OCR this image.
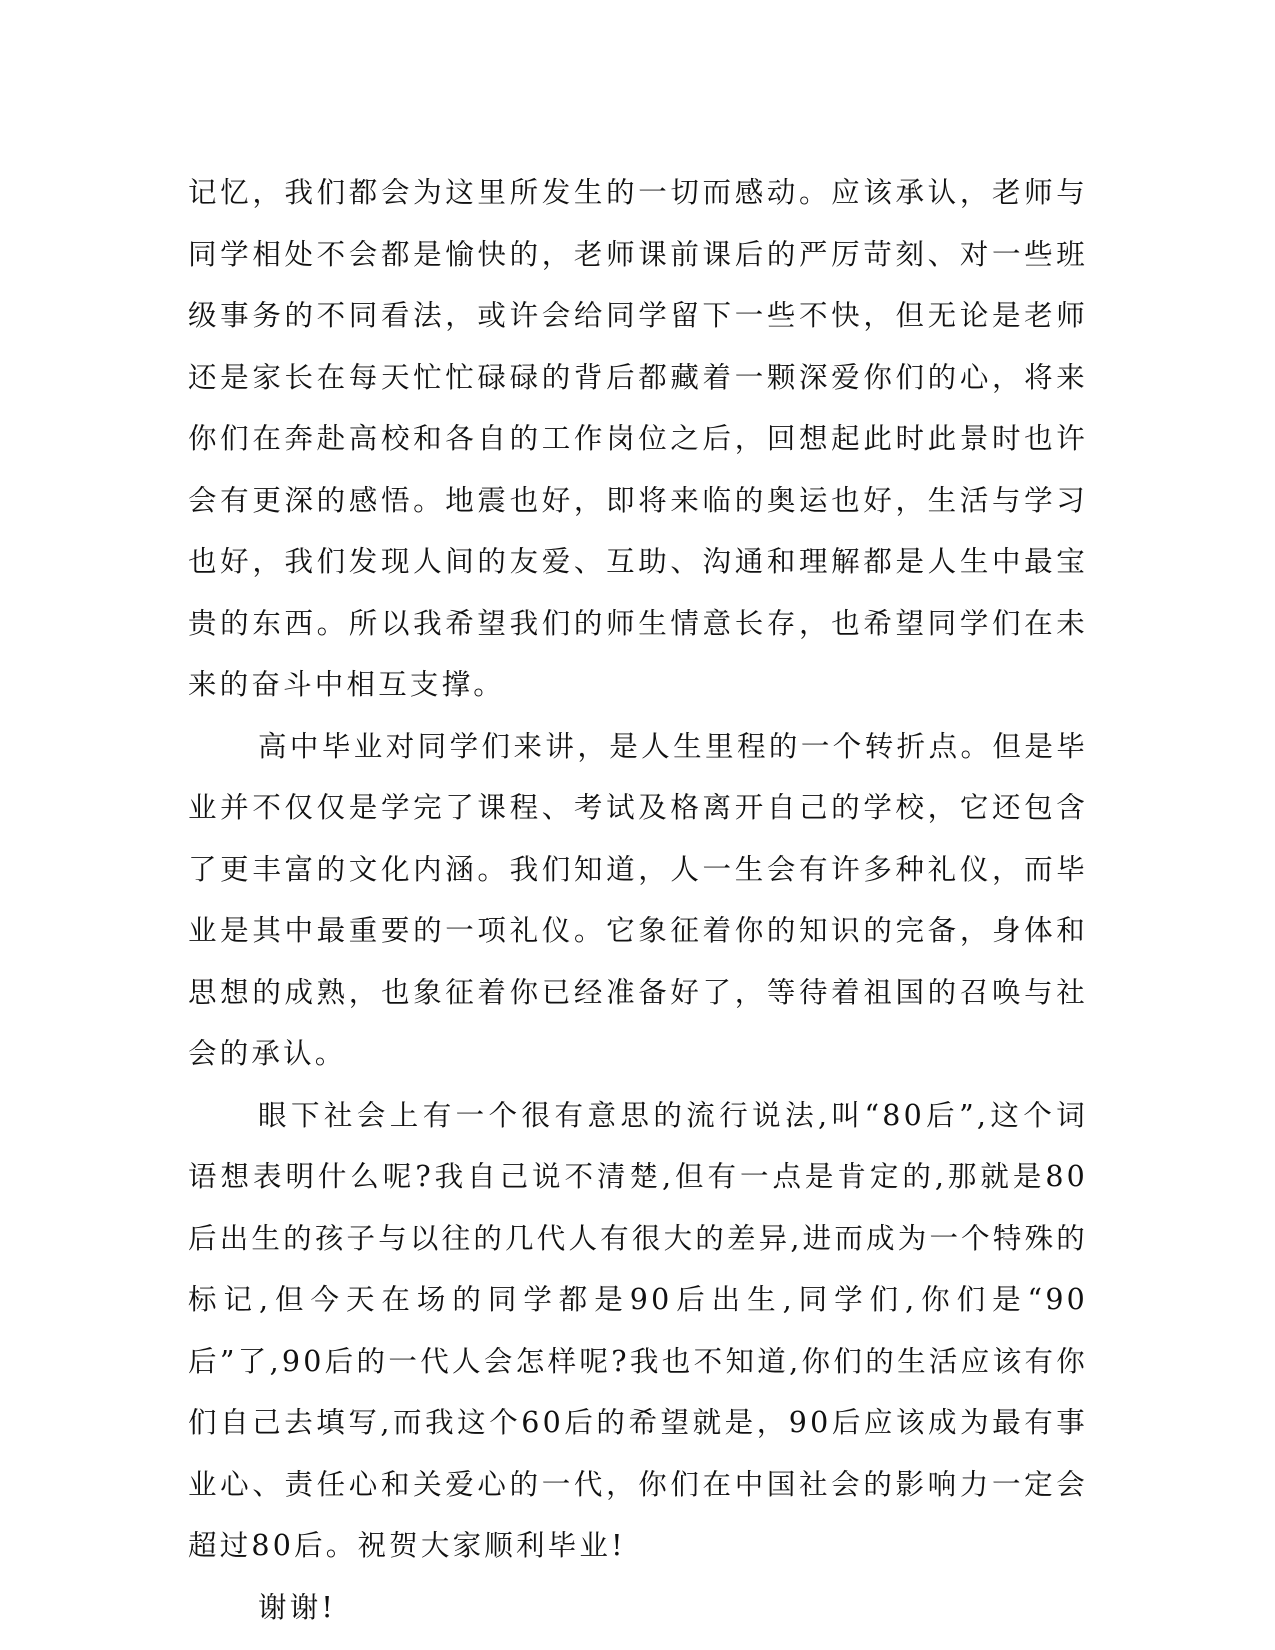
记忆，我们都会为这里所发生的一切而感动。应该承认，老师与同学相处不会都是愉快的，老师课前课后的严厉苛刻、对一些班级事务的不同看法，或许会给同学留下一些不快，但无论是老师还是家长在每天忙忙碌碌的背后都藏着一颗深爱你们的心，将来你们在奔赴高校和各自的工作岗位之后，回想起此时此景时也许会有更深的感悟。地震也好，即将来临的奥运也好，生活与学习也好，我们发现人间的友爱、互助、沟通和理解都是人生中最宝贵的东西。所以我希望我们的师生情意长存，也希望同学们在未来的奋斗中相互支撑。

高中毕业对同学们来讲，是人生里程的一个转折点。但是毕业并不仅仅是学完了课程、考试及格离开自己的学校，它还包含了更丰富的文化内涵。我们知道，人一生会有许多种礼仪，而毕业是其中最重要的一项礼仪。它象征着你的知识的完备，身体和思想的成熟，也象征着你已经准备好了，等待着祖国的召唤与社会的承认。

眼下社会上有一个很有意思的流行说法,叫“80后”,这个词语想表明什么呢?我自己说不清楚,但有一点是肯定的,那就是80后出生的孩子与以往的几代人有很大的差异,进而成为一个特殊的标记,但今天在场的同学都是90后出生,同学们,你们是“90后”了,90后的一代人会怎样呢?我也不知道,你们的生活应该有你们自己去填写,而我这个60后的希望就是，90后应该成为最有事业心、责任心和关爱心的一代，你们在中国社会的影响力一定会超过80后。祝贺大家顺利毕业!

谢谢!
